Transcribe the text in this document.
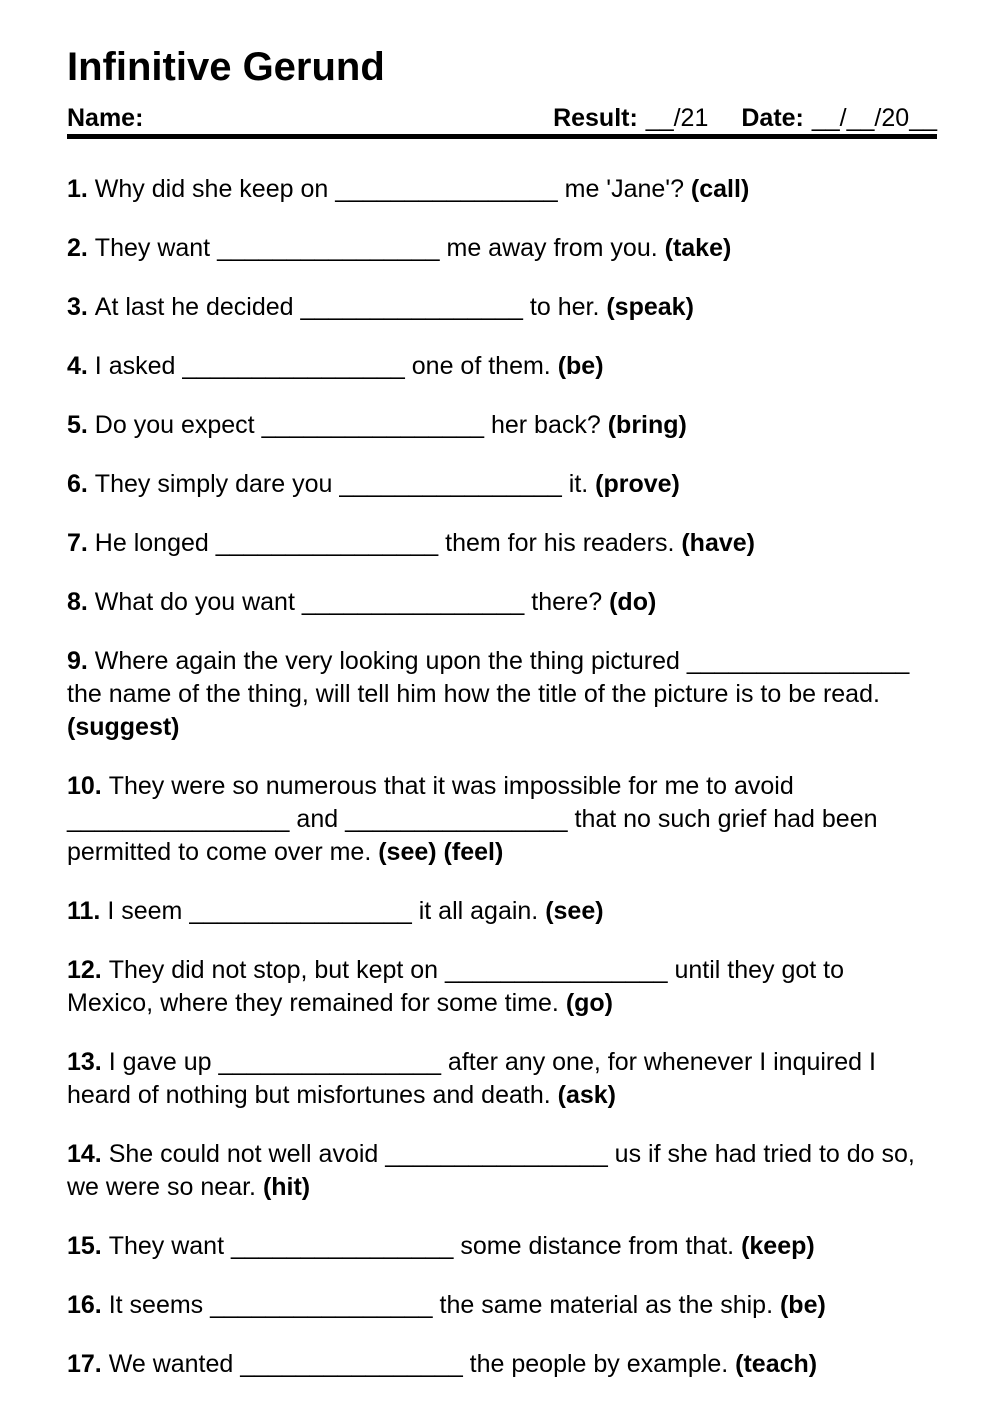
Infinitive Gerund
Name:	Result: __/21 Date: __/__/20__

1. Why did she keep on ________________ me 'Jane'? (call)

2. They want ________________ me away from you. (take)

3. At last he decided ________________ to her. (speak)

4. I asked ________________ one of them. (be)

5. Do you expect ________________ her back? (bring)

6. They simply dare you ________________ it. (prove)

7. He longed ________________ them for his readers. (have)

8. What do you want ________________ there? (do)

9. Where again the very looking upon the thing pictured ________________
the name of the thing, will tell him how the title of the picture is to be read.
(suggest)

10. They were so numerous that it was impossible for me to avoid
________________ and ________________ that no such grief had been
permitted to come over me. (see) (feel)

11. I seem ________________ it all again. (see)

12. They did not stop, but kept on ________________ until they got to
Mexico, where they remained for some time. (go)

13. I gave up ________________ after any one, for whenever I inquired I
heard of nothing but misfortunes and death. (ask)

14. She could not well avoid ________________ us if she had tried to do so,
we were so near. (hit)

15. They want ________________ some distance from that. (keep)

16. It seems ________________ the same material as the ship. (be)

17. We wanted ________________ the people by example. (teach)
